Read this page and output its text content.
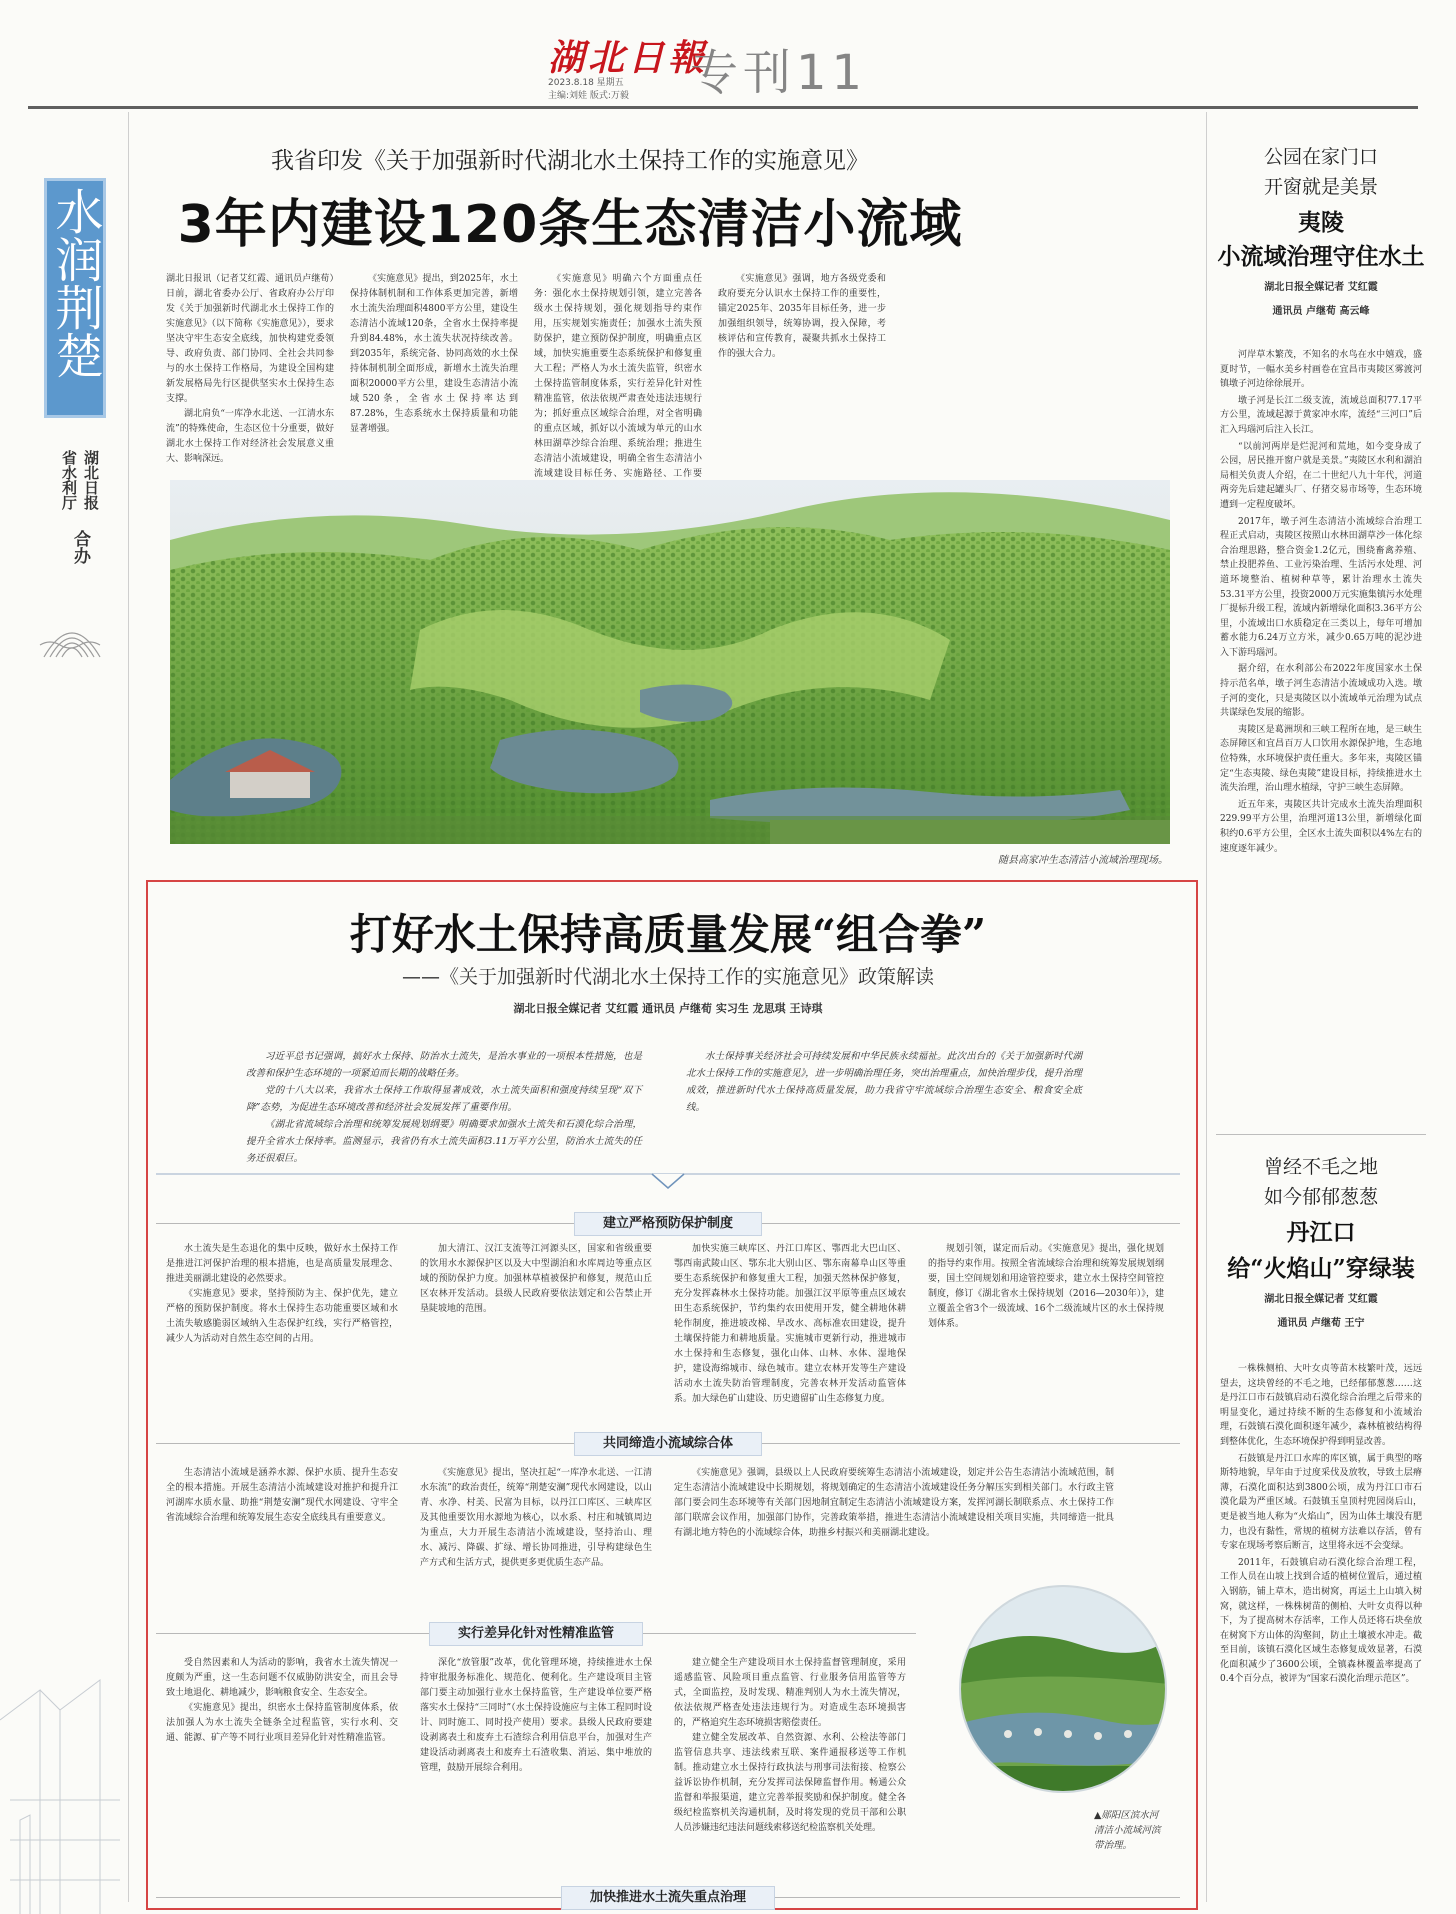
湖北日報
2023.8.18 星期五
主编:刘娃 版式:万毅 专刊11
水润荆楚
湖北日报
省水利厅
合办
我省印发《关于加强新时代湖北水土保持工作的实施意见》
3年内建设120条生态清洁小流域

湖北日报讯（记者艾红霞、通讯员卢继荀）日前，湖北省委办公厅、省政府办公厅印发《关于加强新时代湖北水土保持工作的实施意见》（以下简称《实施意见》），要求坚决守牢生态安全底线，加快构建党委领导、政府负责、部门协同、全社会共同参与的水土保持工作格局，为建设全国构建新发展格局先行区提供坚实水土保持生态支撑。

湖北肩负“一库净水北送、一江清水东流”的特殊使命，生态区位十分重要，做好湖北水土保持工作对经济社会发展意义重大、影响深远。

《实施意见》提出，到2025年，水土保持体制机制和工作体系更加完善，新增水土流失治理面积4800平方公里，建设生态清洁小流域120条，全省水土保持率提升到84.48%，水土流失状况持续改善。到2035年，系统完备、协同高效的水土保持体制机制全面形成，新增水土流失治理面积20000平方公里，建设生态清洁小流域520条，全省水土保持率达到87.28%，生态系统水土保持质量和功能显著增强。

《实施意见》明确六个方面重点任务：强化水土保持规划引领，建立完善各级水土保持规划，强化规划指导约束作用，压实规划实施责任；加强水土流失预防保护，建立预防保护制度，明确重点区域，加快实施重要生态系统保护和修复重大工程；严格人为水土流失监管，织密水土保持监管制度体系，实行差异化针对性精准监管，依法依规严肃查处违法违规行为；抓好重点区域综合治理，对全省明确的重点区域，抓好以小流域为单元的山水林田湖草沙综合治理、系统治理；推进生态清洁小流域建设，明确全省生态清洁小流域建设目标任务、实施路径、工作要

《实施意见》强调，地方各级党委和政府要充分认识水土保持工作的重要性，锚定2025年、2035年目标任务，进一步加强组织领导，统筹协调，投入保障，考核评估和宣传教育，凝聚共抓水土保持工作的强大合力。

随县高家冲生态清洁小流域治理现场。
打好水土保持高质量发展“组合拳”
——《关于加强新时代湖北水土保持工作的实施意见》政策解读
湖北日报全媒记者 艾红霞 通讯员 卢继荀 实习生 龙思琪 王诗琪

习近平总书记强调，搞好水土保持、防治水土流失，是治水事业的一项根本性措施，也是改善和保护生态环境的一项紧迫而长期的战略任务。

党的十八大以来，我省水土保持工作取得显著成效，水土流失面积和强度持续呈现“双下降”态势，为促进生态环境改善和经济社会发展发挥了重要作用。

《湖北省流域综合治理和统筹发展规划纲要》明确要求加强水土流失和石漠化综合治理，提升全省水土保持率。监测显示，我省仍有水土流失面积3.11万平方公里，防治水土流失的任务还很艰巨。

水土保持事关经济社会可持续发展和中华民族永续福祉。此次出台的《关于加强新时代湖北水土保持工作的实施意见》，进一步明确治理任务，突出治理重点，加快治理步伐，提升治理成效，推进新时代水土保持高质量发展，助力我省守牢流域综合治理生态安全、粮食安全底线。

建立严格预防保护制度

水土流失是生态退化的集中反映，做好水土保持工作是推进江河保护治理的根本措施，也是高质量发展理念、推进美丽湖北建设的必然要求。

《实施意见》要求，坚持预防为主、保护优先，建立严格的预防保护制度。将水土保持生态功能重要区域和水土流失敏感脆弱区域纳入生态保护红线，实行严格管控，减少人为活动对自然生态空间的占用。

加大清江、汉江支流等江河源头区，国家和省级重要的饮用水水源保护区以及大中型湖泊和水库周边等重点区域的预防保护力度。加强林草植被保护和修复，规范山丘区农林开发活动。县级人民政府要依法划定和公告禁止开垦陡坡地的范围。

加快实施三峡库区、丹江口库区、鄂西北大巴山区、鄂西南武陵山区、鄂东北大别山区、鄂东南幕阜山区等重要生态系统保护和修复重大工程，加强天然林保护修复，充分发挥森林水土保持功能。加强江汉平原等重点区域农田生态系统保护，节约集约农田使用开发，健全耕地休耕轮作制度，推进坡改梯、旱改水、高标准农田建设，提升土壤保持能力和耕地质量。实施城市更新行动，推进城市水土保持和生态修复，强化山体、山林、水体、湿地保护，建设海绵城市、绿色城市。建立农林开发等生产建设活动水土流失防治管理制度，完善农林开发活动监管体系。加大绿色矿山建设、历史遗留矿山生态修复力度。

规划引领，谋定而后动。《实施意见》提出，强化规划的指导约束作用。按照全省流域综合治理和统筹发展规划纲要，国土空间规划和用途管控要求，建立水土保持空间管控制度，修订《湖北省水土保持规划（2016—2030年）》，建立覆盖全省3个一级流域、16个二级流域片区的水土保持规划体系。

共同缔造小流域综合体

生态清洁小流域是涵养水源、保护水质、提升生态安全的根本措施。开展生态清洁小流域建设对推护和提升江河湖库水质水量、助推“荆楚安澜”现代水网建设、守牢全省流域综合治理和统筹发展生态安全底线具有重要意义。

《实施意见》提出，坚决扛起“一库净水北送、一江清水东流”的政治责任，统筹“荆楚安澜”现代水网建设，以山青、水净、村美、民富为目标，以丹江口库区、三峡库区及其他重要饮用水源地为核心，以水系、村庄和城镇周边为重点，大力开展生态清洁小流域建设，坚持治山、理水、减污、降碳、扩绿、增长协同推进，引导构建绿色生产方式和生活方式，提供更多更优质生态产品。

《实施意见》强调，县级以上人民政府要统筹生态清洁小流域建设，划定并公告生态清洁小流域范围，制定生态清洁小流域建设中长期规划，将规划确定的生态清洁小流域建设任务分解压实到相关部门。水行政主管部门要会同生态环境等有关部门因地制宜制定生态清洁小流域建设方案，发挥河湖长制联系点、水土保持工作部门联席会议作用，加强部门协作，完善政策举措，推进生态清洁小流域建设相关项目实施，共同缔造一批具有湖北地方特色的小流域综合体，助推乡村振兴和美丽湖北建设。

实行差异化针对性精准监管

受自然因素和人为活动的影响，我省水土流失情况一度颇为严重，这一生态问题不仅威胁防洪安全，而且会导致土地退化、耕地减少，影响粮食安全、生态安全。

《实施意见》提出，织密水土保持监管制度体系，依法加强人为水土流失全链条全过程监管，实行水利、交通、能源、矿产等不同行业项目差异化针对性精准监管。

深化“放管服”改革，优化管理环境，持续推进水土保持审批服务标准化、规范化、便利化。生产建设项目主管部门要主动加强行业水土保持监管，生产建设单位要严格落实水土保持“三同时”（水土保持设施应与主体工程同时设计、同时施工、同时投产使用）要求。县级人民政府要建设剥离表土和废弃土石渣综合利用信息平台，加强对生产建设活动剥离表土和废弃土石渣收集、消运、集中堆放的管理，鼓励开展综合利用。

建立健全生产建设项目水土保持监督管理制度，采用遥感监管、风险项目重点监管、行业服务信用监管等方式，全面监控，及时发现、精准判别人为水土流失情况，依法依规严格查处违法违规行为。对造成生态环境损害的，严格追究生态环境损害赔偿责任。

建立健全发展改革、自然资源、水利、公检法等部门监管信息共享、违法线索互联、案件通报移送等工作机制。推动建立水土保持行政执法与刑事司法衔接、检察公益诉讼协作机制，充分发挥司法保障监督作用。畅通公众监督和举报渠道，建立完善举报奖励和保护制度。健全各级纪检监察机关沟通机制，及时将发现的党员干部和公职人员涉嫌违纪违法问题线索移送纪检监察机关处理。

▲郧阳区滨水河清洁小流域河滨带治理。
加快推进水土流失重点治理
公园在家门口
开窗就是美景
夷陵
小流域治理守住水土
湖北日报全媒记者 艾红霞
通讯员 卢继荀 高云峰

河岸草木繁茂，不知名的水鸟在水中嬉戏，盛夏时节，一幅水美乡村画卷在宜昌市夷陵区雾渡河镇墩子河边徐徐展开。

墩子河是长江二级支流，流域总面积77.17平方公里，流域起源于黄家冲水库，流经“三河口”后汇入玛瑙河后注入长江。

“以前河两岸是烂泥河和荒地，如今变身成了公园，居民推开窗户就是美景。”夷陵区水利和湖泊局相关负责人介绍，在二十世纪八九十年代，河道两旁先后建起罐头厂、仔猪交易市场等，生态环境遭到一定程度破坏。

2017年，墩子河生态清洁小流域综合治理工程正式启动，夷陵区按照山水林田湖草沙一体化综合治理思路，整合资金1.2亿元，围绕畜禽养殖、禁止投肥养鱼、工业污染治理、生活污水处理、河道环境整治、植树种草等，累计治理水土流失53.31平方公里，投资2000万元实施集镇污水处理厂提标升级工程，流域内新增绿化面积3.36平方公里，小流域出口水质稳定在三类以上，每年可增加蓄水能力6.24万立方米，减少0.65万吨的泥沙进入下游玛瑙河。

据介绍，在水利部公布2022年度国家水土保持示范名单，墩子河生态清洁小流域成功入选。墩子河的变化，只是夷陵区以小流域单元治理为试点共谋绿色发展的缩影。

夷陵区是葛洲坝和三峡工程所在地，是三峡生态屏障区和宜昌百万人口饮用水源保护地，生态地位特殊，水环境保护责任重大。多年来，夷陵区锚定“生态夷陵、绿色夷陵”建设目标，持续推进水土流失治理，治山理水植绿，守护三峡生态屏障。

近五年来，夷陵区共计完成水土流失治理面积229.99平方公里，治理河道13公里，新增绿化面积约0.6平方公里，全区水土流失面积以4%左右的速度逐年减少。

曾经不毛之地
如今郁郁葱葱
丹江口
给“火焰山”穿绿装
湖北日报全媒记者 艾红霞
通讯员 卢继荀 王宁

一株株侧柏、大叶女贞等苗木枝繁叶茂，远远望去，这块曾经的不毛之地，已经郁郁葱葱……这是丹江口市石鼓镇启动石漠化综合治理之后带来的明显变化，通过持续不断的生态修复和小流域治理，石鼓镇石漠化面积逐年减少，森林植被结构得到整体优化，生态环境保护得到明显改善。

石鼓镇是丹江口水库的库区镇，属于典型的喀斯特地貌，早年由于过度采伐及放牧，导致土层瘠薄，石漠化面积达到3800公顷，成为丹江口市石漠化最为严重区域。石鼓镇玉皇顶村兜园岗后山，更是被当地人称为“火焰山”，因为山体土壤没有肥力，也没有黏性，常规的植树方法难以存活，曾有专家在现场考察后断言，这里将永远不会变绿。

2011年，石鼓镇启动石漠化综合治理工程，工作人员在山坡上找到合适的植树位置后，通过植入钢筋，铺上草木，造出树窝，再运土上山填入树窝，就这样，一株株树苗的侧柏、大叶女贞得以种下，为了提高树木存活率，工作人员还将石块垒放在树窝下方山体的沟壑间，防止土壤被水冲走。截至目前，该镇石漠化区域生态修复成效显著，石漠化面积减少了3600公顷，全镇森林覆盖率提高了0.4个百分点，被评为“国家石漠化治理示范区”。
